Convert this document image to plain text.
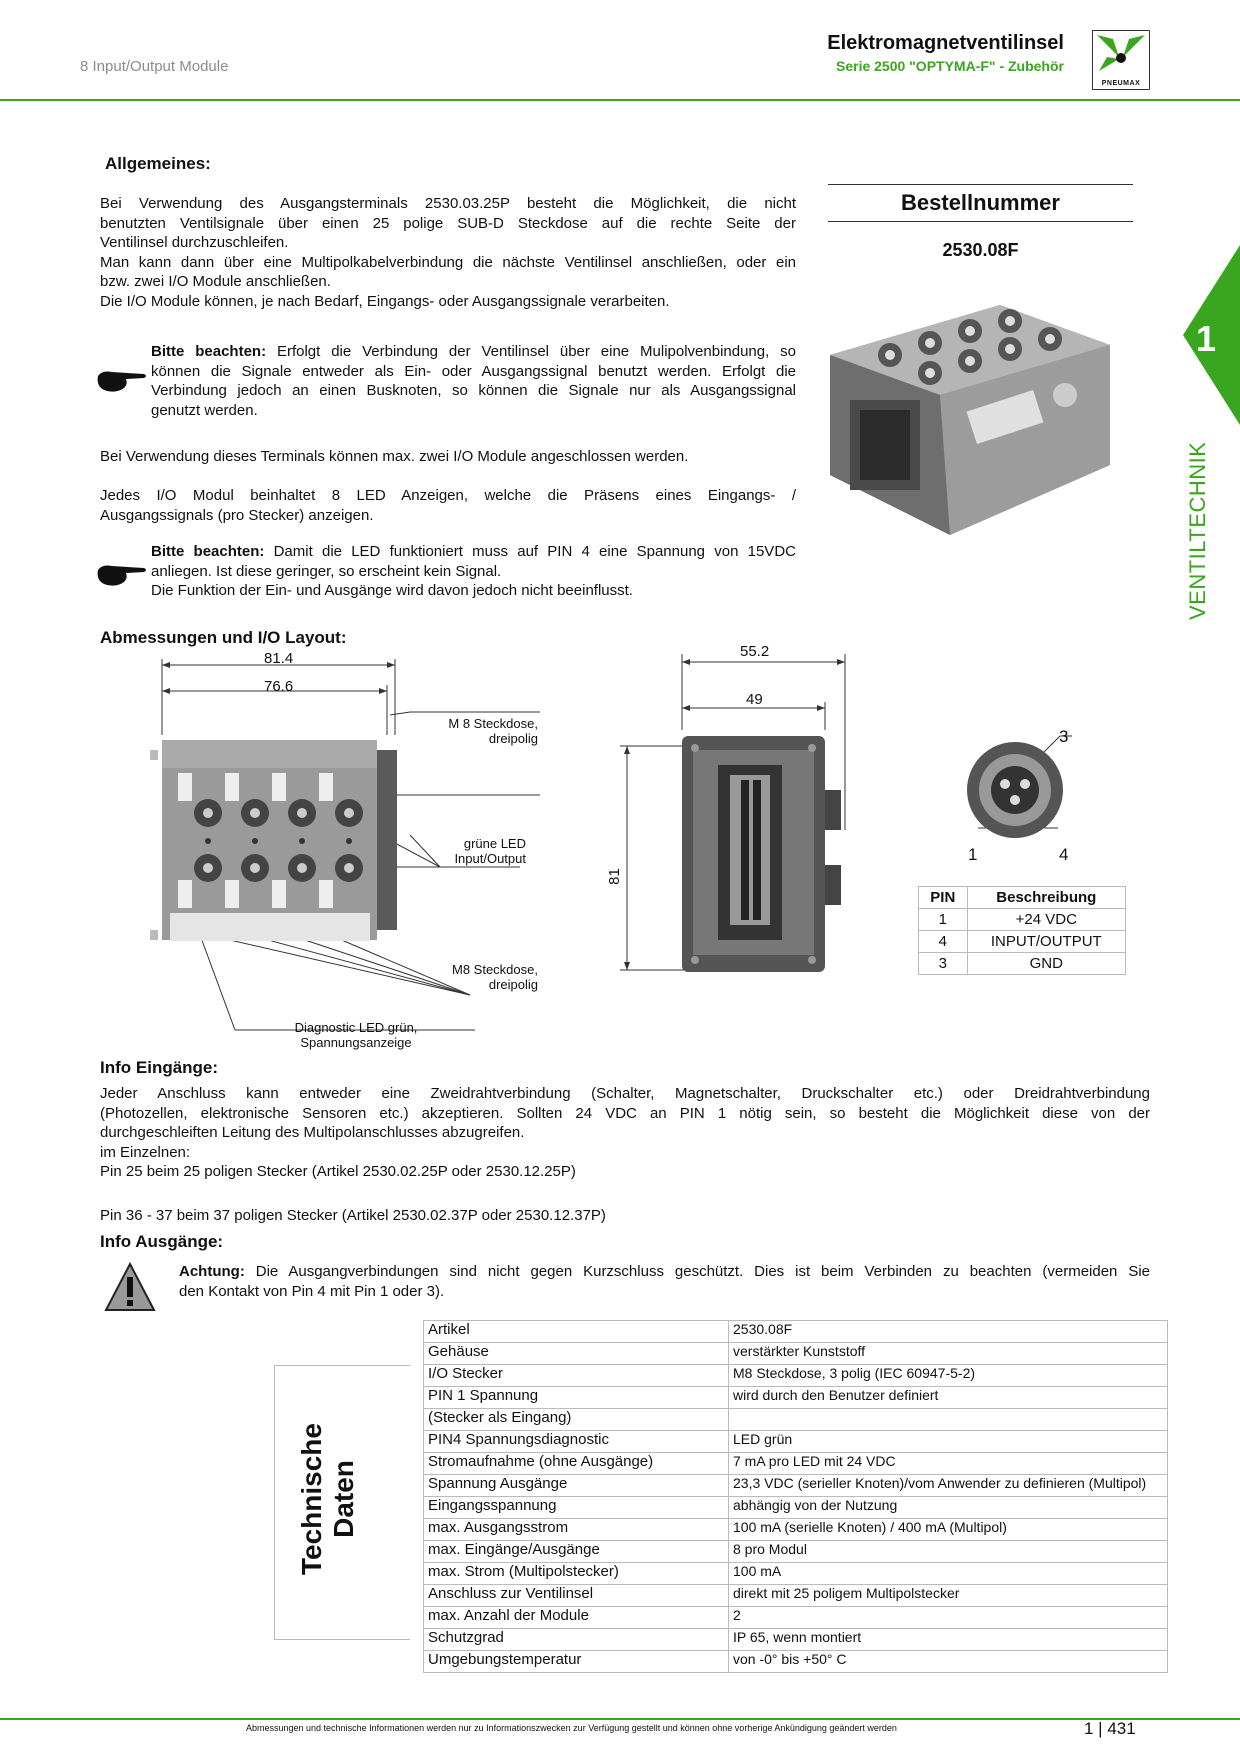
8 Input/Output Module
Elektromagnetventilinsel
Serie 2500 "OPTYMA-F" - Zubehör
PNEUMAX
1
VENTILTECHNIK
Allgemeines:
Bei Verwendung des Ausgangsterminals 2530.03.25P besteht die Möglichkeit, die nicht
benutzten Ventilsignale über einen 25 polige SUB-D Steckdose auf die rechte Seite der
Ventilinsel durchzuschleifen.
Man kann dann über eine Multipolkabelverbindung die nächste Ventilinsel anschließen, oder ein
bzw. zwei I/O Module anschließen.
Die I/O Module können, je nach Bedarf, Eingangs- oder Ausgangssignale verarbeiten.
Bitte beachten: Erfolgt die Verbindung der Ventilinsel über eine Mulipolvenbindung, so
können die Signale entweder als Ein- oder Ausgangssignal benutzt werden. Erfolgt die
Verbindung jedoch an einen Busknoten, so können die Signale nur als Ausgangssignal
genutzt werden.
Bei Verwendung dieses Terminals können max. zwei I/O Module angeschlossen werden.
Jedes I/O Modul beinhaltet 8 LED Anzeigen, welche die Präsens eines Eingangs- /
Ausgangssignals (pro Stecker) anzeigen.
Bitte beachten: Damit die LED funktioniert muss auf PIN 4 eine Spannung von 15VDC
anliegen. Ist diese geringer, so erscheint kein Signal.
Die Funktion der Ein- und Ausgänge wird davon jedoch nicht beeinflusst.
Bestellnummer
2530.08F
Abmessungen und I/O Layout:
81.4
76.6
M 8 Steckdose,
dreipolig
grüne LED
Input/Output
M8 Steckdose,
dreipolig
Diagnostic LED grün,
Spannungsanzeige
55.2
49
81
3
1	4
PIN	Beschreibung
1	+24 VDC
4	INPUT/OUTPUT
3	GND
Info Eingänge:
Jeder Anschluss kann entweder eine Zweidrahtverbindung (Schalter, Magnetschalter, Druckschalter etc.) oder Dreidrahtverbindung
(Photozellen, elektronische Sensoren etc.) akzeptieren. Sollten 24 VDC an PIN 1 nötig sein, so besteht die Möglichkeit diese von der
durchgeschleiften Leitung des Multipolanschlusses abzugreifen.
im Einzelnen:
Pin 25 beim 25 poligen Stecker (Artikel 2530.02.25P oder 2530.12.25P)
Pin 36 - 37 beim 37 poligen Stecker (Artikel 2530.02.37P oder 2530.12.37P)
Info Ausgänge:
Achtung: Die Ausgangverbindungen sind nicht gegen Kurzschluss geschützt. Dies ist beim Verbinden zu beachten (vermeiden Sie
den Kontakt von Pin 4 mit Pin 1 oder 3).
Technische Daten
Artikel	2530.08F
Gehäuse	verstärkter Kunststoff
I/O Stecker	M8 Steckdose, 3 polig (IEC 60947-5-2)
PIN 1 Spannung	wird durch den Benutzer definiert
(Stecker als Eingang)	
PIN4 Spannungsdiagnostic	LED grün
Stromaufnahme (ohne Ausgänge)	7 mA pro LED mit 24 VDC
Spannung Ausgänge	23,3 VDC (serieller Knoten)/vom Anwender zu definieren (Multipol)
Eingangsspannung	abhängig von der Nutzung
max. Ausgangsstrom	100 mA (serielle Knoten) / 400 mA (Multipol)
max. Eingänge/Ausgänge	8 pro Modul
max. Strom (Multipolstecker)	100 mA
Anschluss zur Ventilinsel	direkt mit 25 poligem Multipolstecker
max. Anzahl der Module	2
Schutzgrad	IP 65, wenn montiert
Umgebungstemperatur	von -0° bis +50° C
Abmessungen und technische Informationen werden nur zu Informationszwecken zur Verfügung gestellt und können ohne vorherige Ankündigung geändert werden	1 | 431
